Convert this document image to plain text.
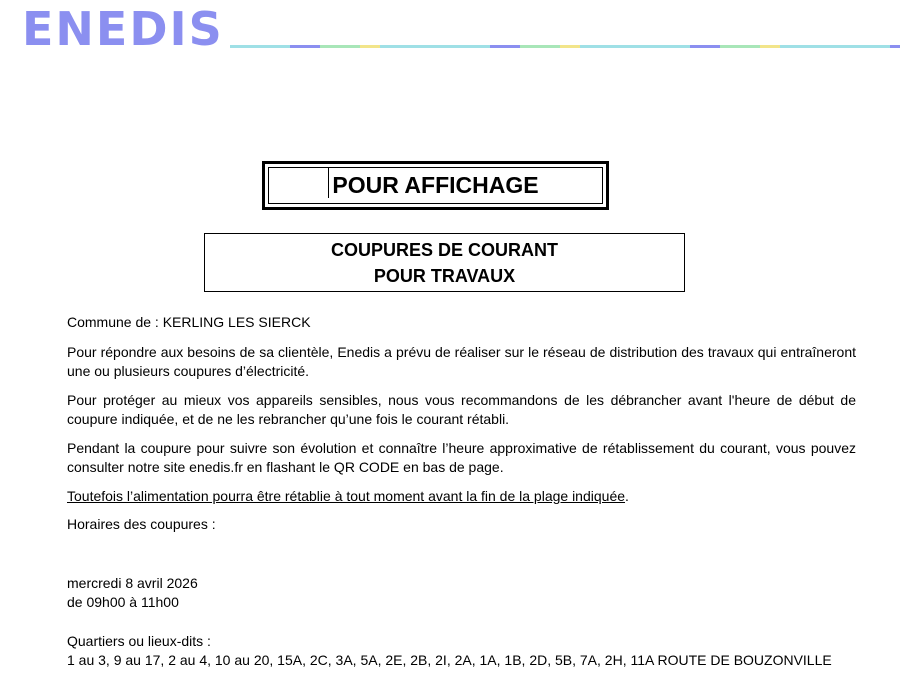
ENEDIS
POUR AFFICHAGE
COUPURES DE COURANT
POUR TRAVAUX

Commune de : KERLING LES SIERCK

Pour répondre aux besoins de sa clientèle, Enedis a prévu de réaliser sur le réseau de distribution des travaux qui entraîneront une ou plusieurs coupures d’électricité.

Pour protéger au mieux vos appareils sensibles, nous vous recommandons de les débrancher avant l'heure de début de coupure indiquée, et de ne les rebrancher qu’une fois le courant rétabli.

Pendant la coupure pour suivre son évolution et connaître l’heure approximative de rétablissement du courant, vous pouvez consulter notre site enedis.fr en flashant le QR CODE en bas de page.

Toutefois l’alimentation pourra être rétablie à tout moment avant la fin de la plage indiquée.

Horaires des coupures :

mercredi 8 avril 2026

de 09h00 à 11h00

Quartiers ou lieux-dits :

1 au 3, 9 au 17, 2 au 4, 10 au 20, 15A, 2C, 3A, 5A, 2E, 2B, 2I, 2A, 1A, 1B, 2D, 5B, 7A, 2H, 11A ROUTE DE BOUZONVILLE
